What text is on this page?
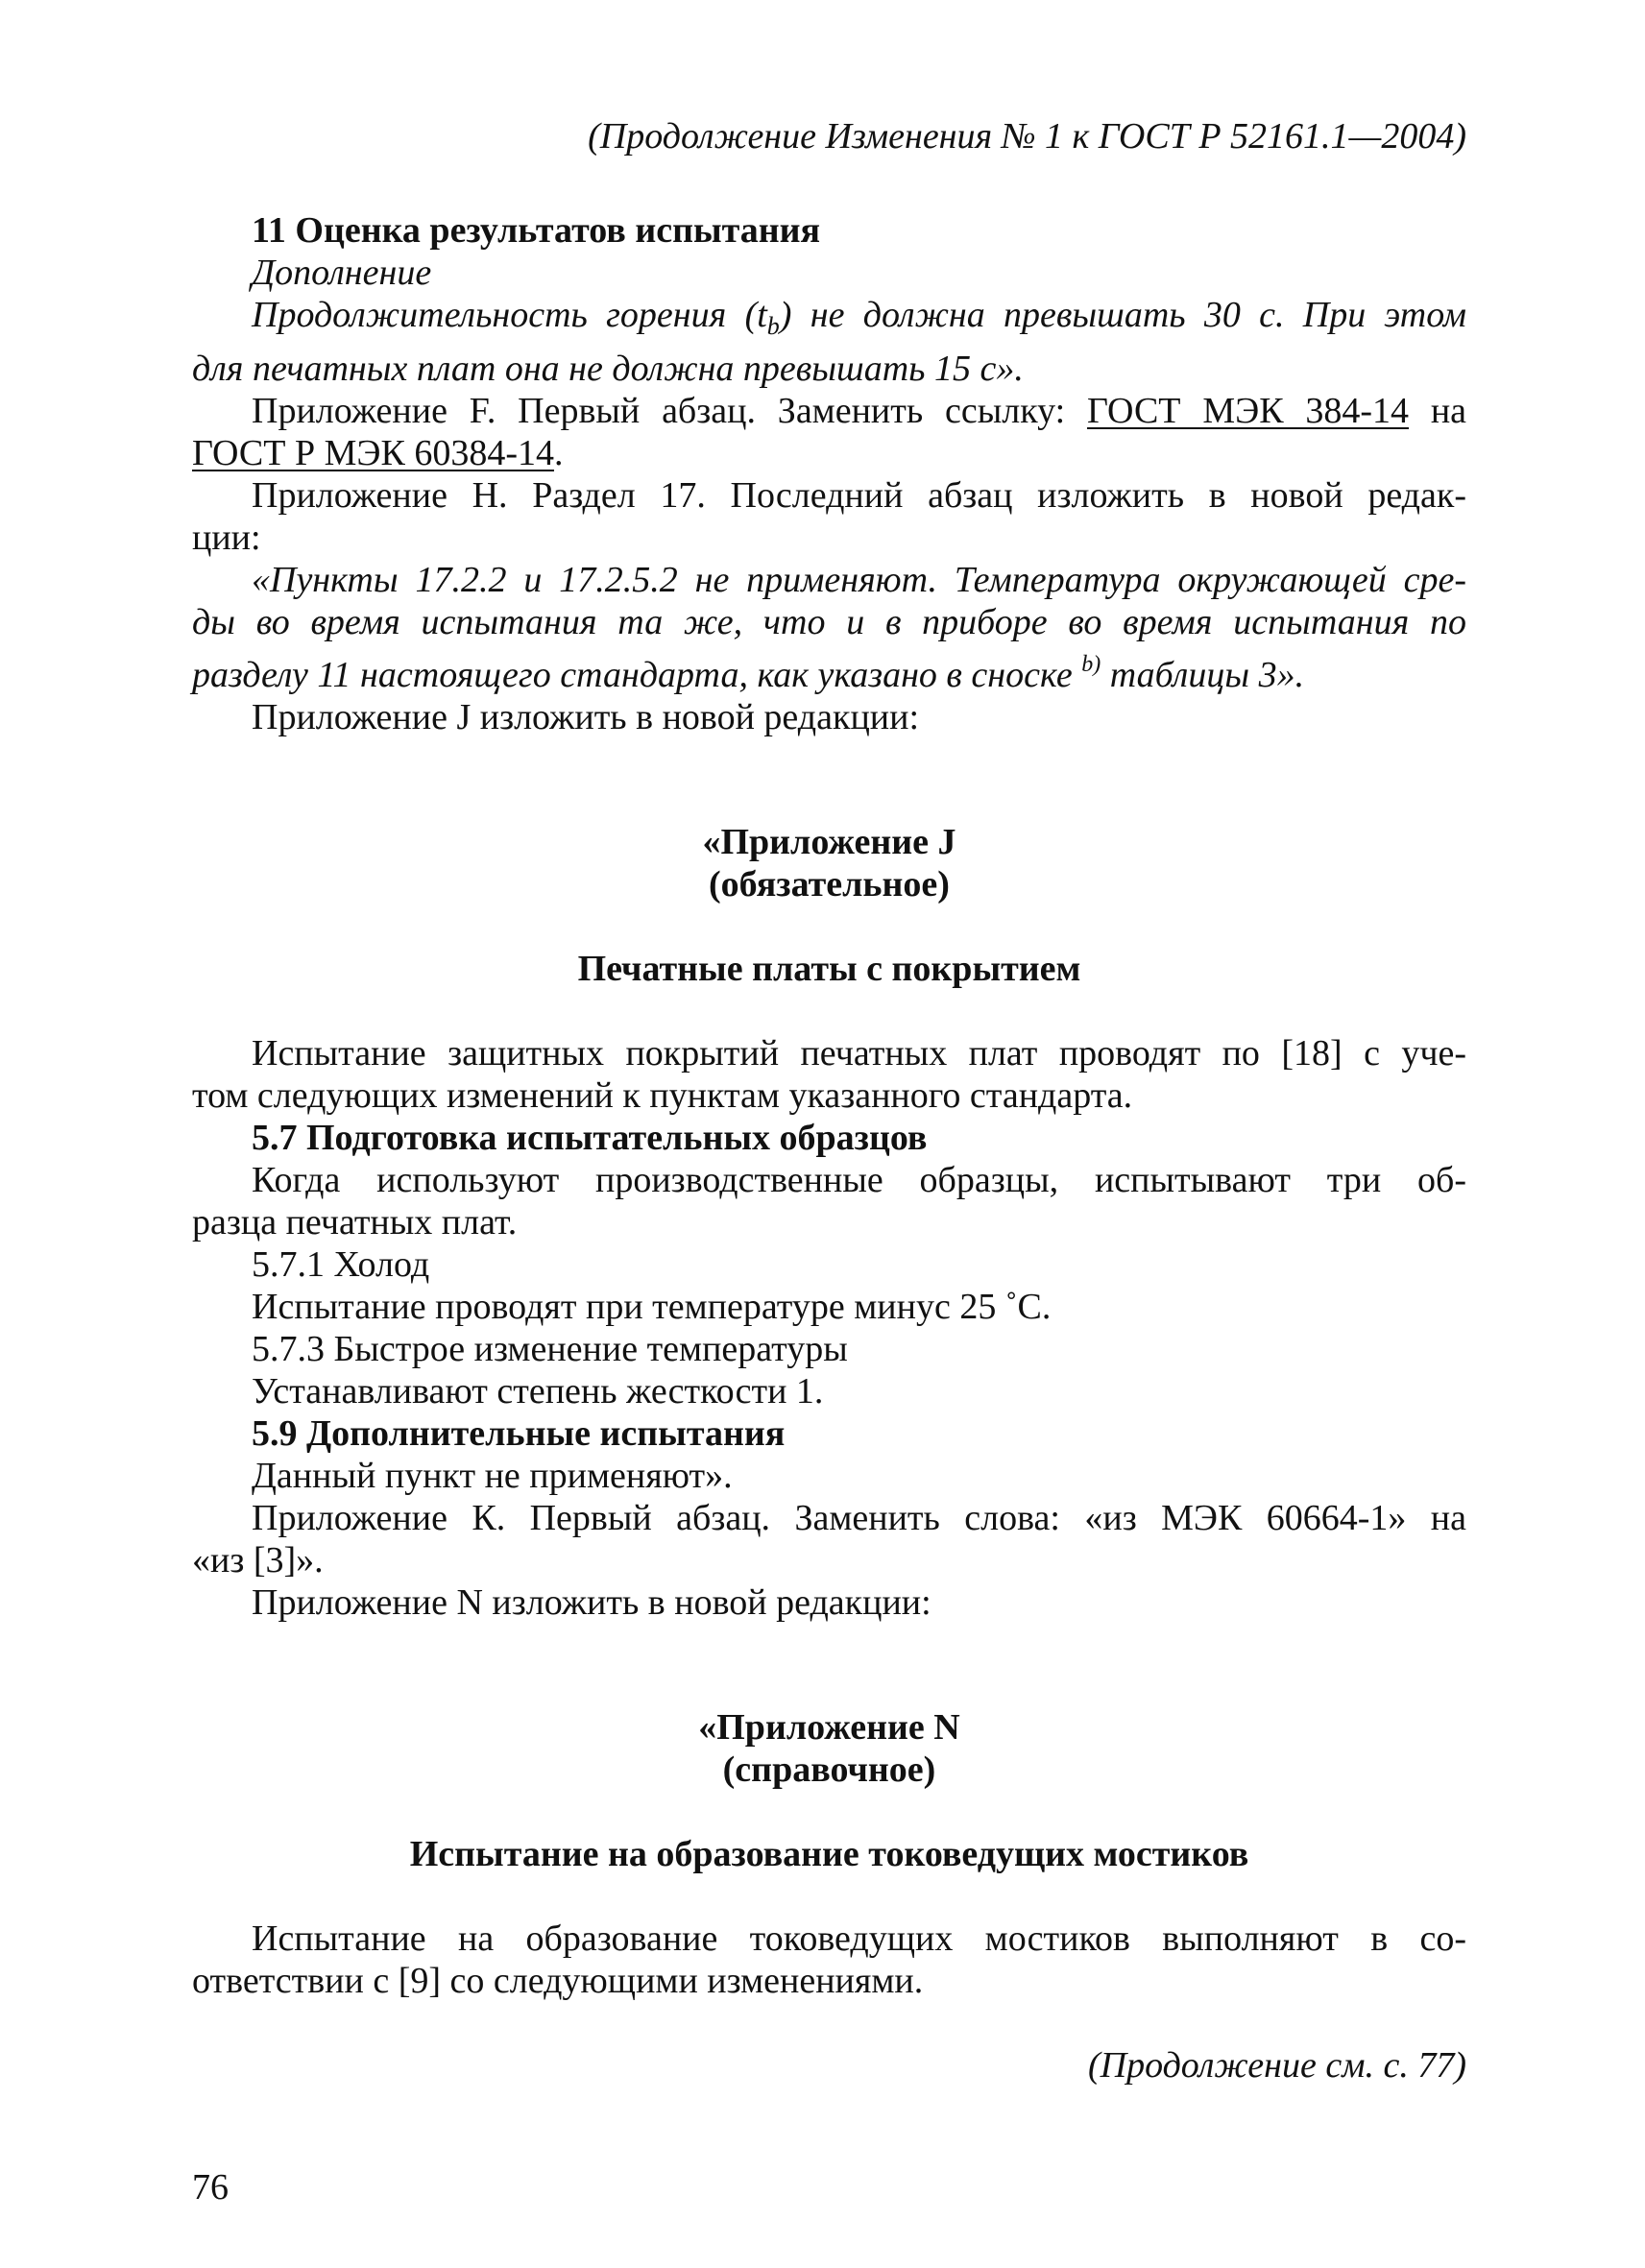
(Продолжение Изменения № 1 к ГОСТ Р 52161.1—2004)
11 Оценка результатов испытания
Дополнение
Продолжительность горения $(t_b)$ не должна превышать 30 с. При этом
для печатных плат она не должна превышать 15 с».
Приложение F. Первый абзац. Заменить ссылку: ГОСТ МЭК 384-14 на
ГОСТ Р МЭК 60384-14.
Приложение Н. Раздел 17. Последний абзац изложить в новой редак-
ции:
«Пункты 17.2.2 и 17.2.5.2 не применяют. Температура окружающей сре-
ды во время испытания та же, что и в приборе во время испытания по
разделу 11 настоящего стандарта, как указано в сноске $^{b)}$ таблицы 3».
Приложение J изложить в новой редакции:
«Приложение J
(обязательное)
Печатные платы с покрытием
Испытание защитных покрытий печатных плат проводят по [18] с уче-
том следующих изменений к пунктам указанного стандарта.
5.7 Подготовка испытательных образцов
Когда используют производственные образцы, испытывают три об-
разца печатных плат.
5.7.1 Холод
Испытание проводят при температуре минус 25 ˚С.
5.7.3 Быстрое изменение температуры
Устанавливают степень жесткости 1.
5.9 Дополнительные испытания
Данный пункт не применяют».
Приложение К. Первый абзац. Заменить слова: «из МЭК 60664-1» на
«из [3]».
Приложение N изложить в новой редакции:
«Приложение N
(справочное)
Испытание на образование токоведущих мостиков
Испытание на образование токоведущих мостиков выполняют в со-
ответствии с [9] со следующими изменениями.
(Продолжение см. с. 77)
76
